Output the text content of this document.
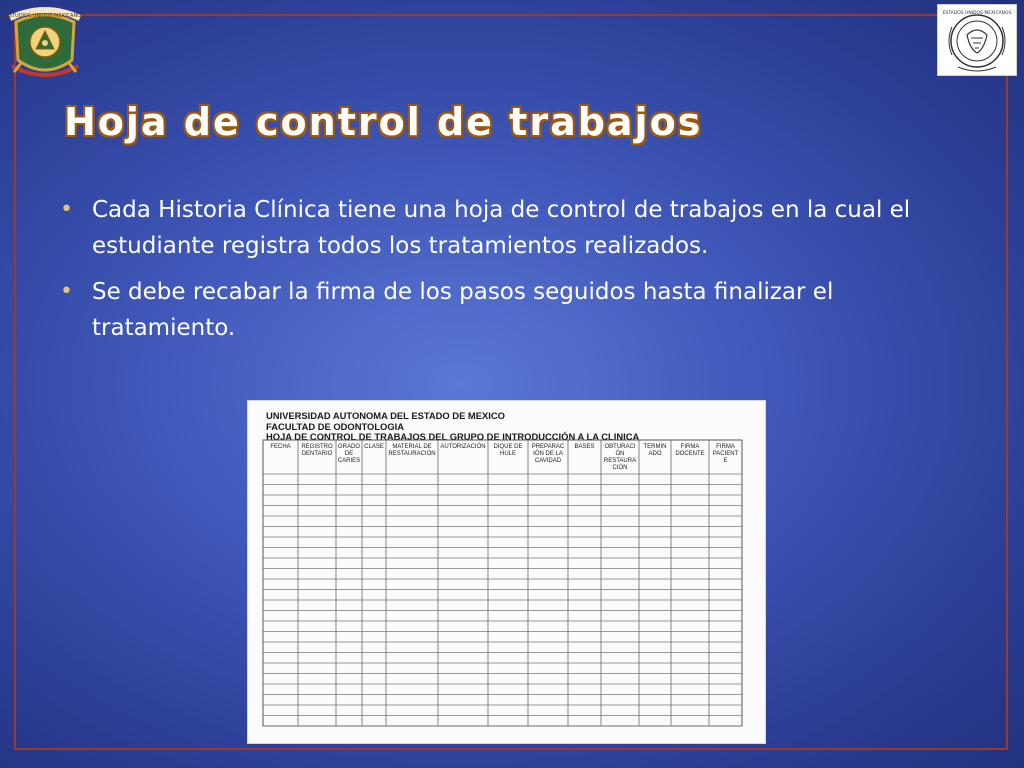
ESTUDIOS UNIDOS MEXICANOS	ESTADOS UNIDOS MEXICANOS
Hoja de control de trabajos
• Cada Historia Clínica tiene una hoja de control de trabajos en la cual el estudiante registra todos los tratamientos realizados.
• Se debe recabar la firma de los pasos seguidos hasta finalizar el tratamiento.
UNIVERSIDAD AUTONOMA DEL ESTADO DE MEXICO
FACULTAD DE ODONTOLOGIA
HOJA DE CONTROL DE TRABAJOS DEL GRUPO DE INTRODUCCIÓN A LA CLINICA
FECHA REGISTRO DENTARIO
GRADO DE CARIES
CLASE	MATERIAL DE RESTAURACIÓN
AUTORIZACIÓN DIQUE DE HULE
PREPARAC IÓN DE LA CAVIDAD
BASES OBTURACI ÓN RESTAURA CIÓN
TERMIN ADO
FIRMA DOCENTE
FIRMA PACIENT E
